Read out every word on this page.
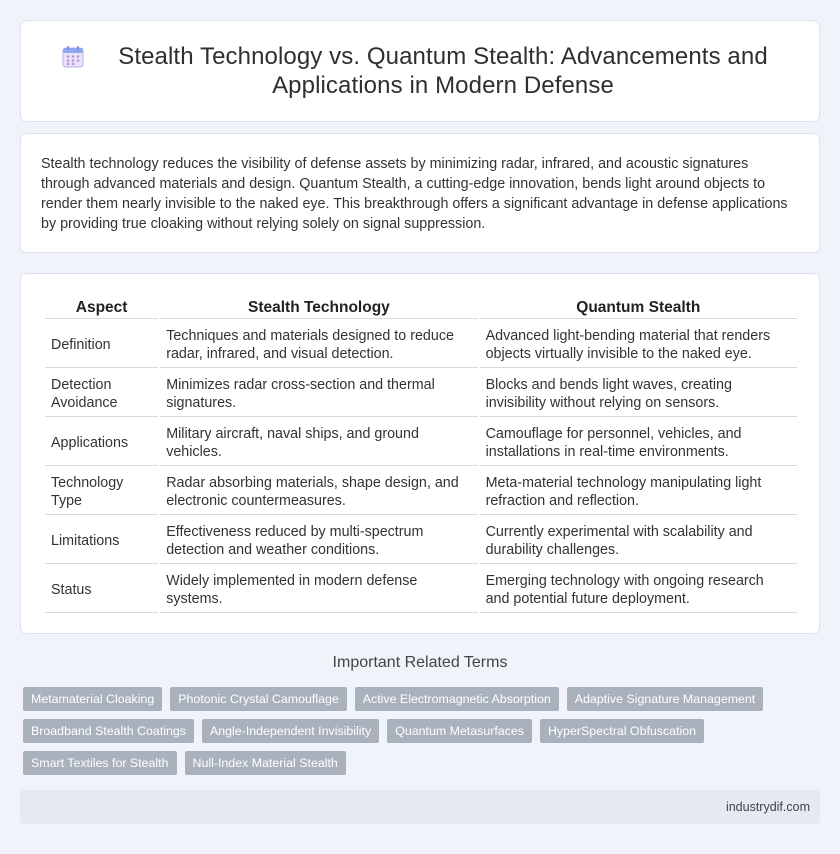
Stealth Technology vs. Quantum Stealth: Advancements and Applications in Modern Defense

Stealth technology reduces the visibility of defense assets by minimizing radar, infrared, and acoustic signatures through advanced materials and design. Quantum Stealth, a cutting-edge innovation, bends light around objects to render them nearly invisible to the naked eye. This breakthrough offers a significant advantage in defense applications by providing true cloaking without relying solely on signal suppression.

Aspect	Stealth Technology	Quantum Stealth
Definition	Techniques and materials designed to reduce radar, infrared, and visual detection.	Advanced light-bending material that renders objects virtually invisible to the naked eye.
Detection Avoidance	Minimizes radar cross-section and thermal signatures.	Blocks and bends light waves, creating invisibility without relying on sensors.
Applications	Military aircraft, naval ships, and ground vehicles.	Camouflage for personnel, vehicles, and installations in real-time environments.
Technology Type	Radar absorbing materials, shape design, and electronic countermeasures.	Meta-material technology manipulating light refraction and reflection.
Limitations	Effectiveness reduced by multi-spectrum detection and weather conditions.	Currently experimental with scalability and durability challenges.
Status	Widely implemented in modern defense systems.	Emerging technology with ongoing research and potential future deployment.
Important Related Terms
Metamaterial Cloaking	Photonic Crystal Camouflage	Active Electromagnetic Absorption	Adaptive Signature Management
Broadband Stealth Coatings	Angle-Independent Invisibility	Quantum Metasurfaces	HyperSpectral Obfuscation
Smart Textiles for Stealth	Null-Index Material Stealth
industrydif.com
